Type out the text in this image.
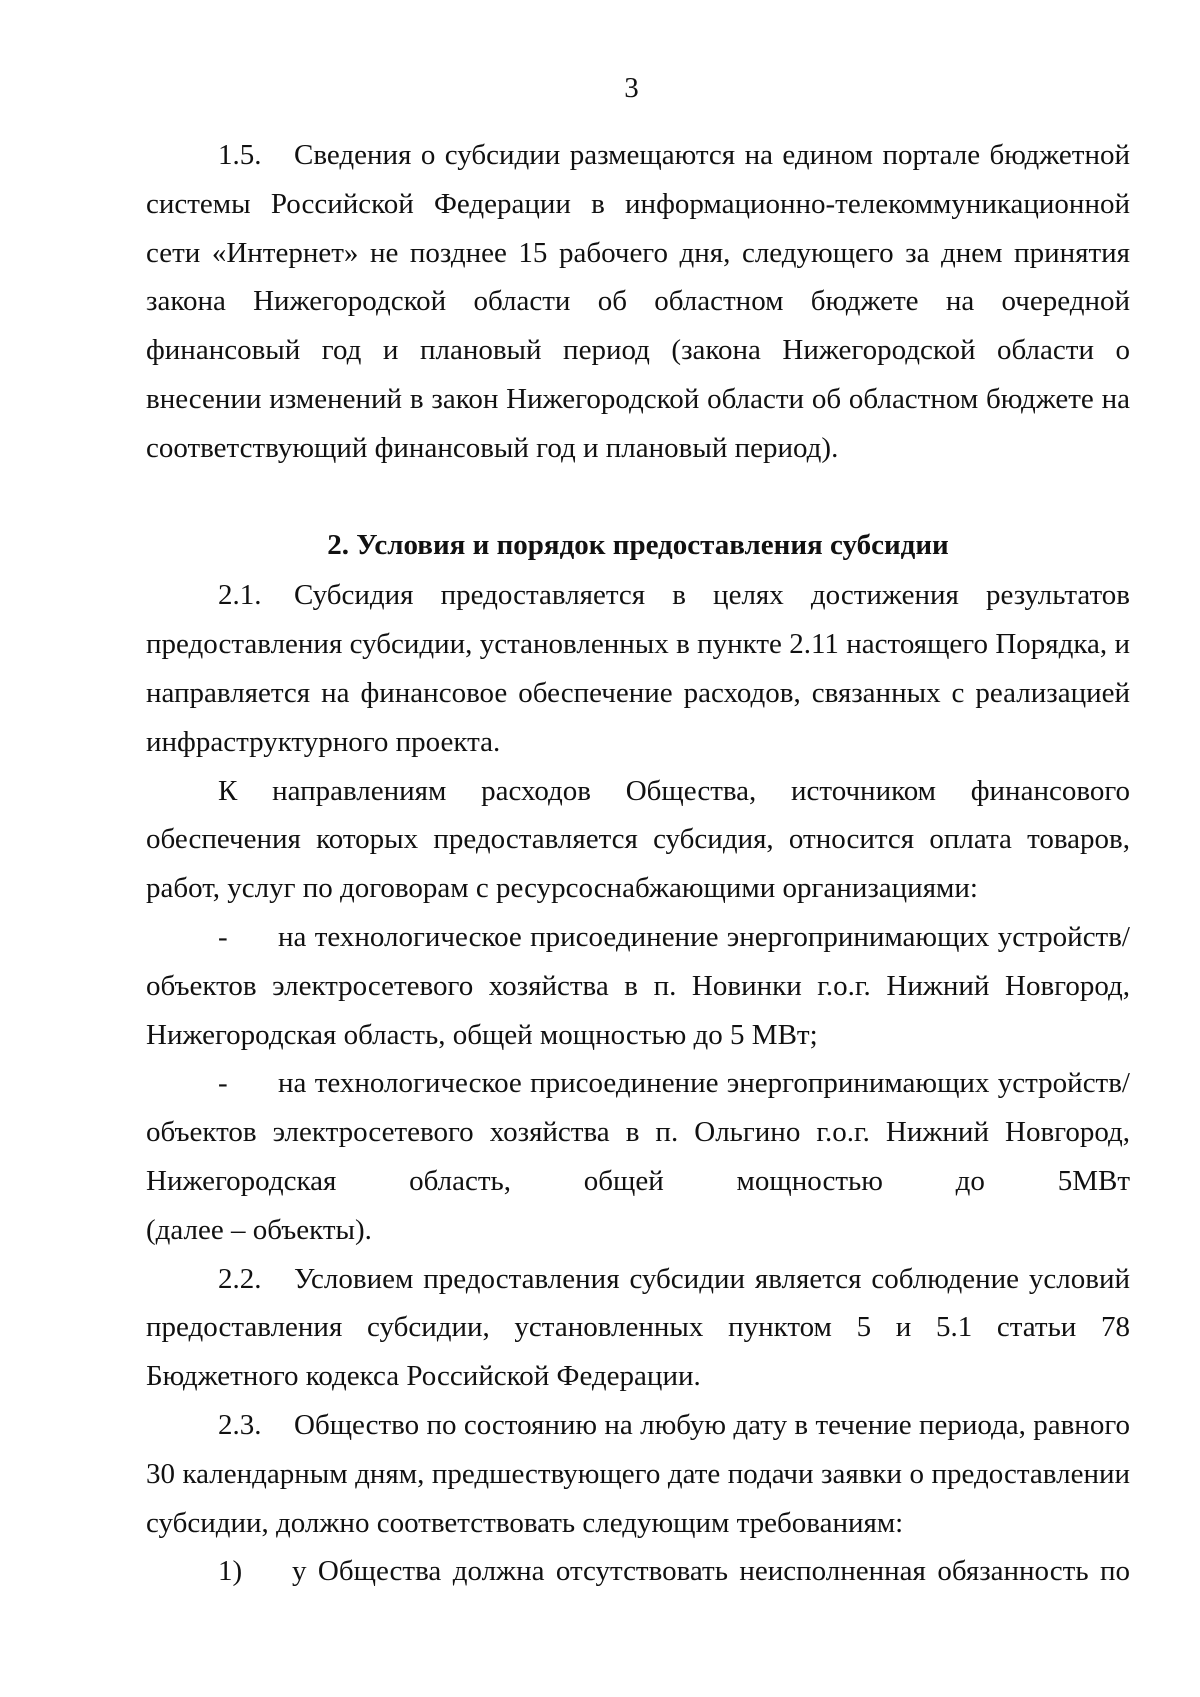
3

1.5. Сведения о субсидии размещаются на едином портале бюджетной системы Российской Федерации в информационно-телекоммуникационной сети «Интернет» не позднее 15 рабочего дня, следующего за днем принятия закона Нижегородской области об областном бюджете на очередной финансовый год и плановый период (закона Нижегородской области о внесении изменений в закон Нижегородской области об областном бюджете на соответствующий финансовый год и плановый период).

2. Условия и порядок предоставления субсидии

2.1. Субсидия предоставляется в целях достижения результатов предоставления субсидии, установленных в пункте 2.11 настоящего Порядка, и направляется на финансовое обеспечение расходов, связанных с реализацией инфраструктурного проекта.

К направлениям расходов Общества, источником финансового обеспечения которых предоставляется субсидия, относится оплата товаров, работ, услуг по договорам с ресурсоснабжающими организациями:

- на технологическое присоединение энергопринимающих устройств/объектов электросетевого хозяйства в п. Новинки г.о.г. Нижний Новгород, Нижегородская область, общей мощностью до 5 МВт;

- на технологическое присоединение энергопринимающих устройств/объектов электросетевого хозяйства в п. Ольгино г.о.г. Нижний Новгород, Нижегородская область, общей мощностью до 5МВт

(далее – объекты).

2.2. Условием предоставления субсидии является соблюдение условий предоставления субсидии, установленных пунктом 5 и 5.1 статьи 78 Бюджетного кодекса Российской Федерации.

2.3. Общество по состоянию на любую дату в течение периода, равного 30 календарным дням, предшествующего дате подачи заявки о предоставлении субсидии, должно соответствовать следующим требованиям:

1) у Общества должна отсутствовать неисполненная обязанность по
